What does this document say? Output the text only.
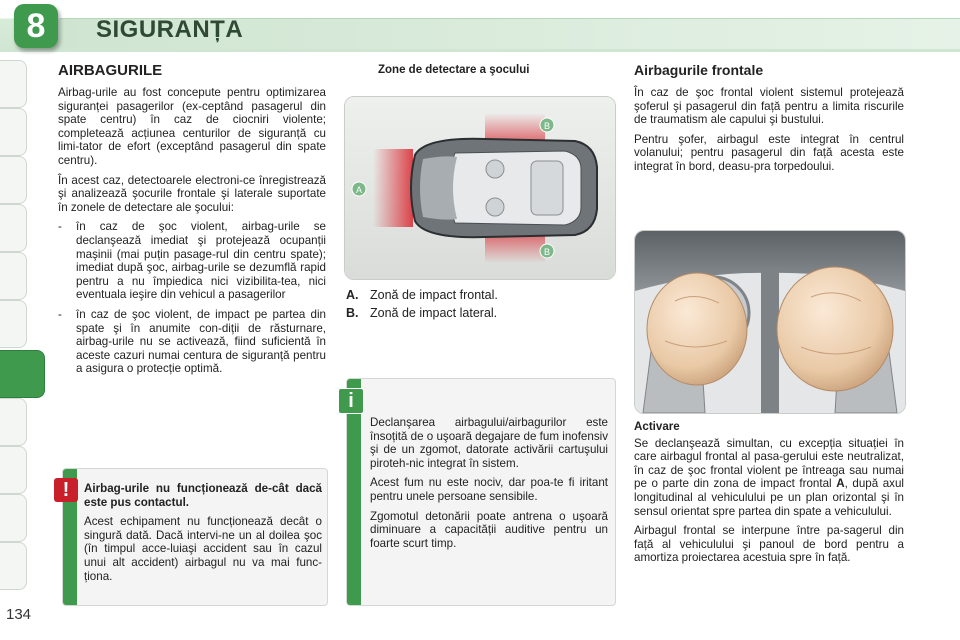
8	SIGURANȚA
134
AIRBAGURILE

Airbag-urile au fost concepute pentru optimizarea siguranței pasagerilor (ex-ceptând pasagerul din spate centru) în caz de ciocniri violente; completează acțiunea centurilor de siguranță cu limi-tator de efort (exceptând pasagerul din spate centru).

În acest caz, detectoarele electroni-ce înregistrează şi analizează şocurile frontale şi laterale suportate în zonele de detectare ale şocului:

-	în caz de şoc violent, airbag-urile se declanşează imediat şi protejează ocupanții maşinii (mai puțin pasage-rul din centru spate); imediat după şoc, airbag-urile se dezumflă rapid pentru a nu împiedica nici vizibilita-tea, nici eventuala ieşire din vehicul a pasagerilor
-	în caz de şoc violent, de impact pe partea din spate şi în anumite con-diții de răsturnare, airbag-urile nu se activează, fiind suficientă în aceste cazuri numai centura de siguranță pentru a asigura o protecție optimă.
!	Airbag-urile nu funcționează de-cât dacă este pus contactul.

Acest echipament nu funcționează decât o singură dată. Dacă intervi-ne un al doilea şoc (în timpul acce-luiaşi accident sau în cazul unui alt accident) airbagul nu va mai func-ționa.

Zone de detectare a şocului
A
B
B
A. Zonă de impact frontal.
B. Zonă de impact lateral.
i

Declanşarea airbagului/airbagurilor este însoțită de o uşoară degajare de fum inofensiv şi de un zgomot, datorate activării cartuşului piroteh-nic integrat în sistem.

Acest fum nu este nociv, dar poa-te fi iritant pentru unele persoane sensibile.

Zgomotul detonării poate antrena o uşoară diminuare a capacității auditive pentru un foarte scurt timp.

Airbagurile frontale

În caz de şoc frontal violent sistemul protejează şoferul şi pasagerul din față pentru a limita riscurile de traumatism ale capului şi bustului.

Pentru şofer, airbagul este integrat în centrul volanului; pentru pasagerul din față acesta este integrat în bord, deasu-pra torpedoului.

Activare

Se declanşează simultan, cu excepția situației în care airbagul frontal al pasa-gerului este neutralizat, în caz de şoc frontal violent pe întreaga sau numai pe o parte din zona de impact frontal A, după axul longitudinal al vehiculului pe un plan orizontal şi în sensul orientat spre partea din spate a vehiculului.

Airbagul frontal se interpune între pa-sagerul din față al vehiculului şi panoul de bord pentru a amortiza proiectarea acestuia spre în față.
